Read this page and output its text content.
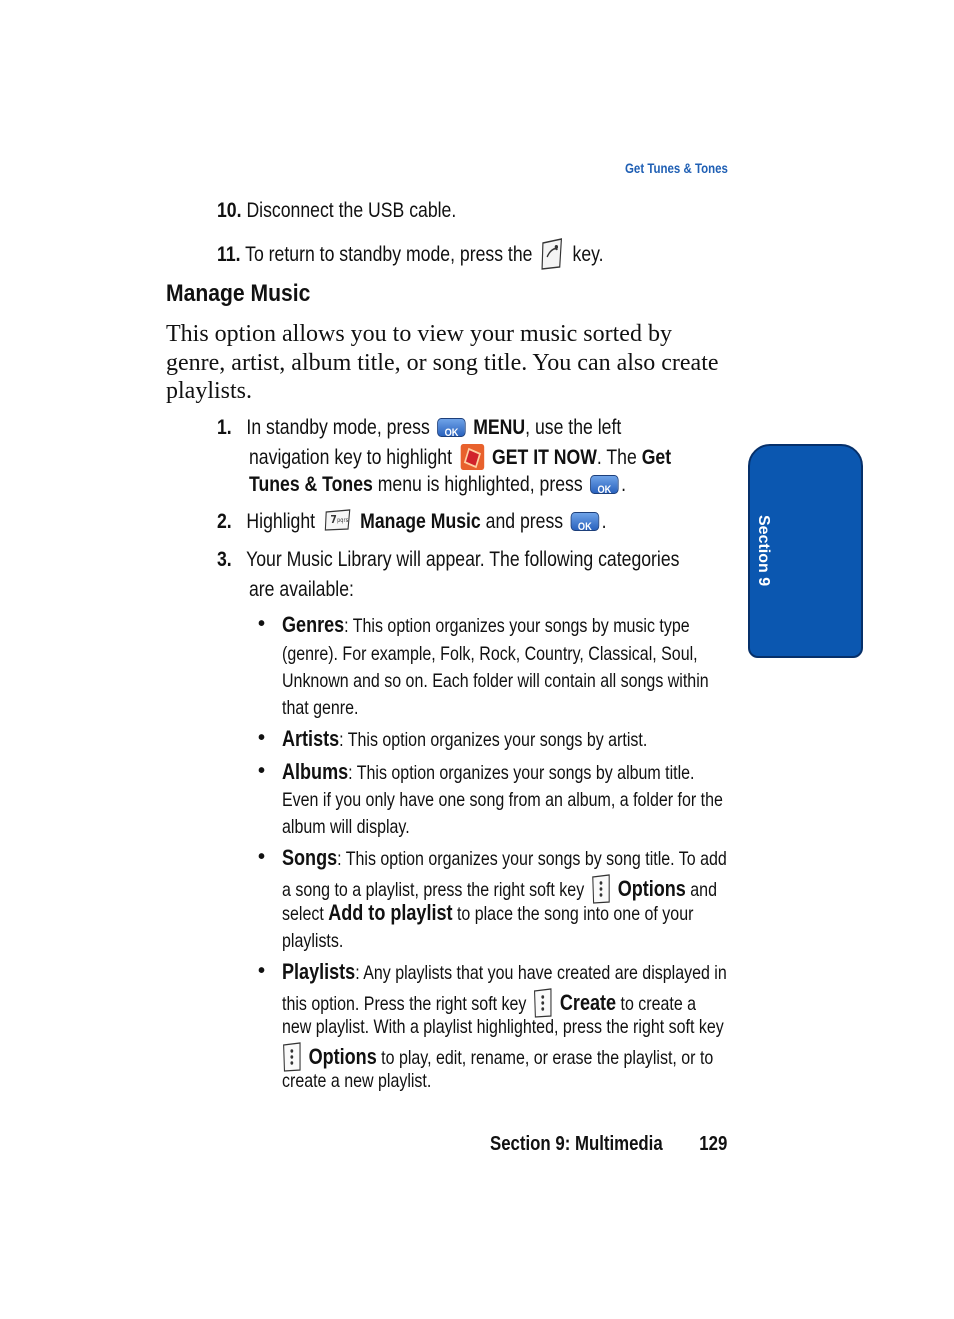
Get Tunes & Tones
10. Disconnect the USB cable.
11. To return to standby mode, press the key.
Manage Music
This option allows you to view your music sorted by
genre, artist, album title, or song title. You can also create
playlists.
1. In standby mode, press OK MENU, use the left
navigation key to highlight GET IT NOW. The Get
Tunes & Tones menu is highlighted, press OK .
2. Highlight 7 pqrs Manage Music and press OK .
3. Your Music Library will appear. The following categories
are available:
• Genres: This option organizes your songs by music type
(genre). For example, Folk, Rock, Country, Classical, Soul,
Unknown and so on. Each folder will contain all songs within
that genre.
• Artists: This option organizes your songs by artist.
• Albums: This option organizes your songs by album title.
Even if you only have one song from an album, a folder for the
album will display.
• Songs: This option organizes your songs by song title. To add
a song to a playlist, press the right soft key Options and
select Add to playlist to place the song into one of your
playlists.
• Playlists: Any playlists that you have created are displayed in
this option. Press the right soft key Create to create a
new playlist. With a playlist highlighted, press the right soft key
Options to play, edit, rename, or erase the playlist, or to
create a new playlist.
Section 9
Section 9: Multimedia 129
